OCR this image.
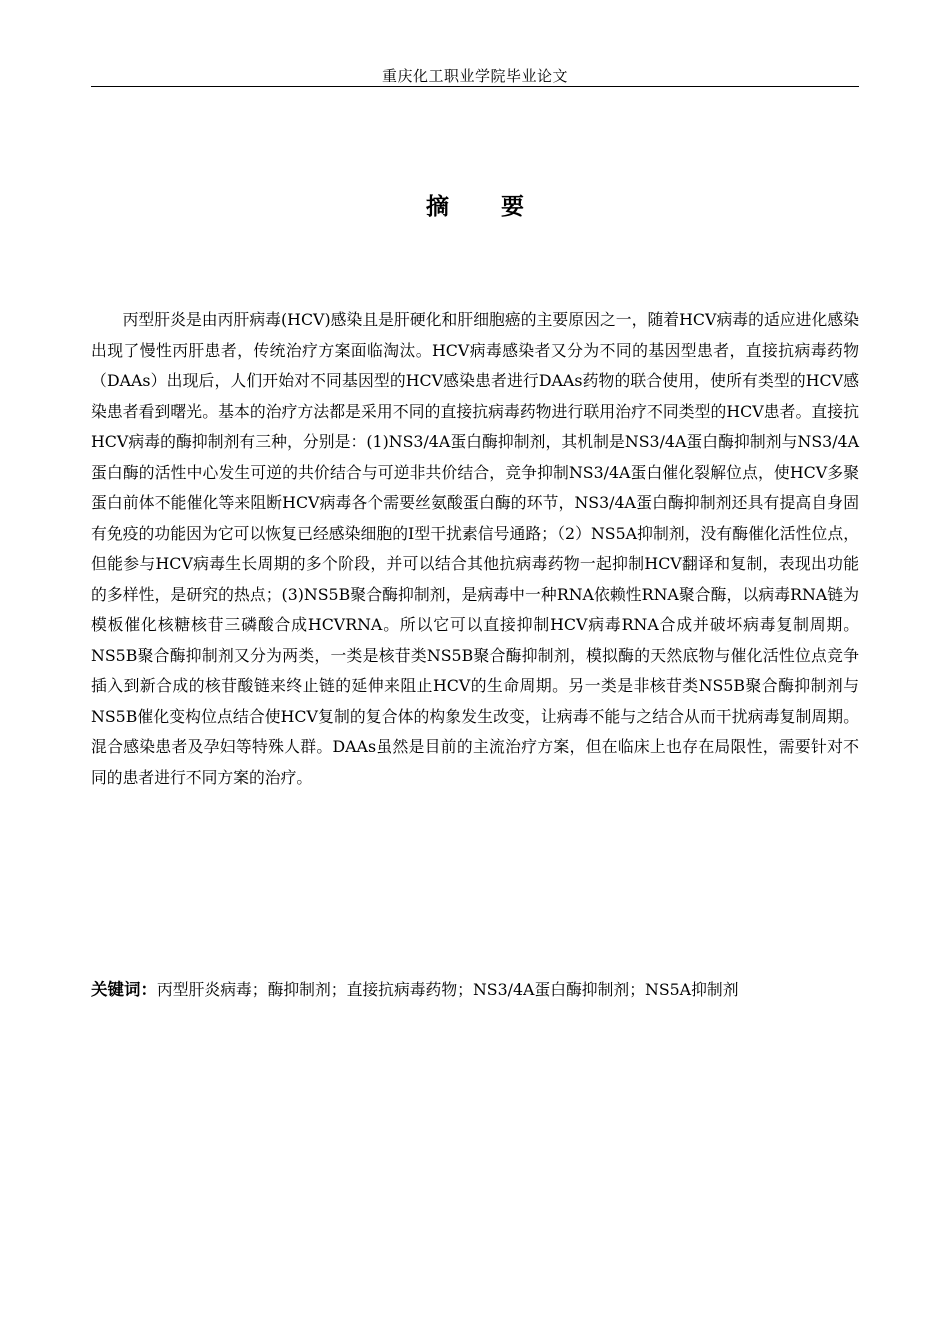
重庆化工职业学院毕业论文
摘 要

丙型肝炎是由丙肝病毒(HCV)感染且是肝硬化和肝细胞癌的主要原因之一，随着HCV病毒的适应进化感染出现了慢性丙肝患者，传统治疗方案面临淘汰。HCV病毒感染者又分为不同的基因型患者，直接抗病毒药物（DAAs）出现后，人们开始对不同基因型的HCV感染患者进行DAAs药物的联合使用，使所有类型的HCV感染患者看到曙光。基本的治疗方法都是采用不同的直接抗病毒药物进行联用治疗不同类型的HCV患者。直接抗HCV病毒的酶抑制剂有三种，分别是：(1)NS3/4A蛋白酶抑制剂，其机制是NS3/4A蛋白酶抑制剂与NS3/4A蛋白酶的活性中心发生可逆的共价结合与可逆非共价结合，竞争抑制NS3/4A蛋白催化裂解位点，使HCV多聚蛋白前体不能催化等来阻断HCV病毒各个需要丝氨酸蛋白酶的环节，NS3/4A蛋白酶抑制剂还具有提高自身固有免疫的功能因为它可以恢复已经感染细胞的Ⅰ型干扰素信号通路；（2）NS5A抑制剂，没有酶催化活性位点，但能参与HCV病毒生长周期的多个阶段，并可以结合其他抗病毒药物一起抑制HCV翻译和复制，表现出功能的多样性，是研究的热点；(3)NS5B聚合酶抑制剂，是病毒中一种RNA依赖性RNA聚合酶，以病毒RNA链为模板催化核糖核苷三磷酸合成HCVRNA。所以它可以直接抑制HCV病毒RNA合成并破坏病毒复制周期。NS5B聚合酶抑制剂又分为两类，一类是核苷类NS5B聚合酶抑制剂，模拟酶的天然底物与催化活性位点竞争插入到新合成的核苷酸链来终止链的延伸来阻止HCV的生命周期。另一类是非核苷类NS5B聚合酶抑制剂与NS5B催化变构位点结合使HCV复制的复合体的构象发生改变，让病毒不能与之结合从而干扰病毒复制周期。混合感染患者及孕妇等特殊人群。DAAs虽然是目前的主流治疗方案，但在临床上也存在局限性，需要针对不同的患者进行不同方案的治疗。

关键词：丙型肝炎病毒；酶抑制剂；直接抗病毒药物；NS3/4A蛋白酶抑制剂；NS5A抑制剂
